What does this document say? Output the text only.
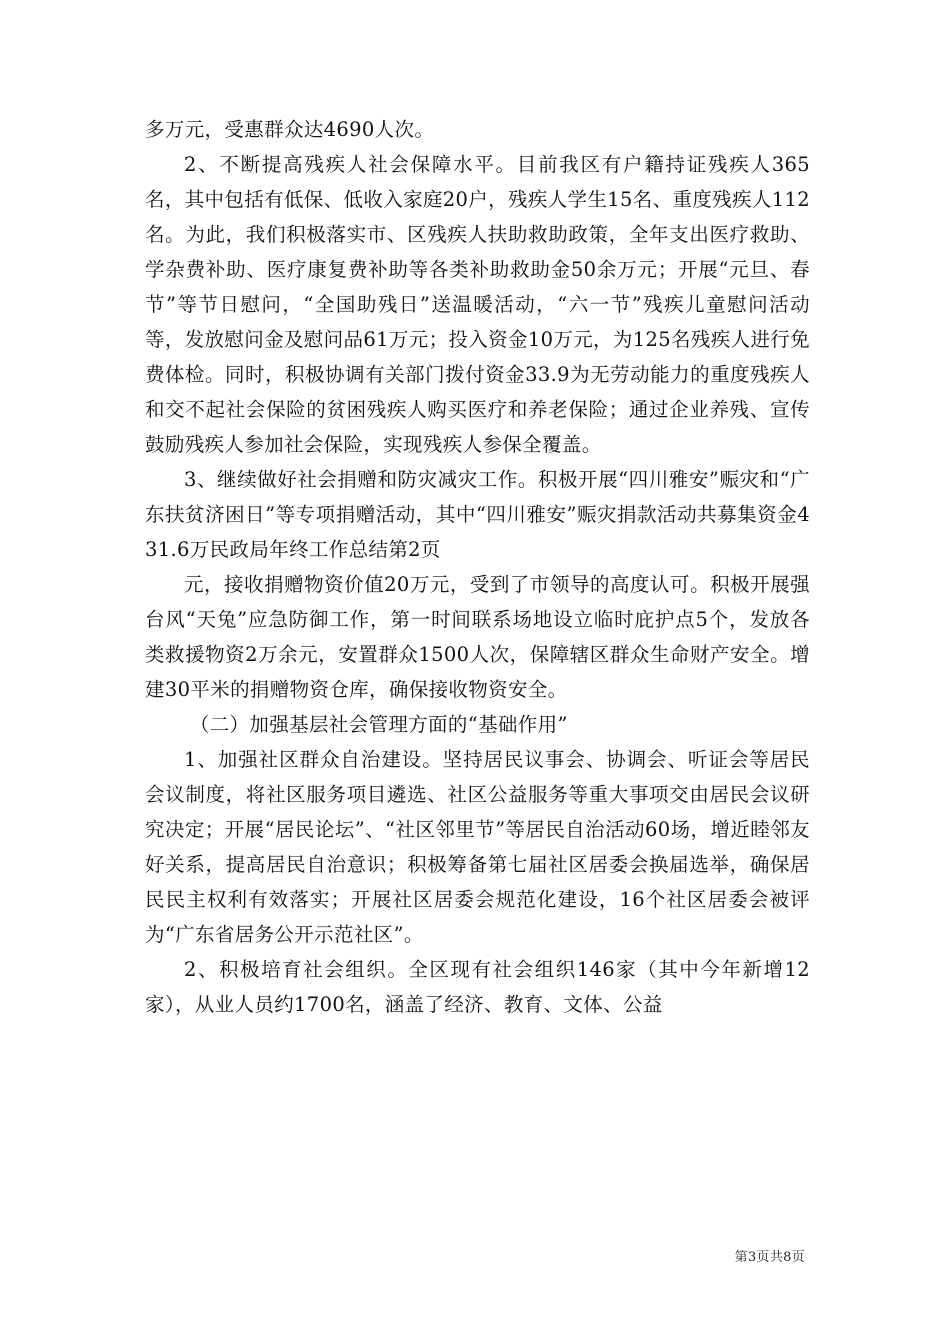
多万元，受惠群众达4690人次。

2、不断提高残疾人社会保障水平。目前我区有户籍持证残疾人365名，其中包括有低保、低收入家庭20户，残疾人学生15名、重度残疾人112名。为此，我们积极落实市、区残疾人扶助救助政策，全年支出医疗救助、学杂费补助、医疗康复费补助等各类补助救助金50余万元；开展“元旦、春节”等节日慰问，“全国助残日”送温暖活动，“六一节”残疾儿童慰问活动等，发放慰问金及慰问品61万元；投入资金10万元，为125名残疾人进行免费体检。同时，积极协调有关部门拨付资金33.9为无劳动能力的重度残疾人和交不起社会保险的贫困残疾人购买医疗和养老保险；通过企业养残、宣传鼓励残疾人参加社会保险，实现残疾人参保全覆盖。

3、继续做好社会捐赠和防灾减灾工作。积极开展“四川雅安”赈灾和“广东扶贫济困日”等专项捐赠活动，其中“四川雅安”赈灾捐款活动共募集资金431.6万民政局年终工作总结第2页

元，接收捐赠物资价值20万元，受到了市领导的高度认可。积极开展强台风“天兔”应急防御工作，第一时间联系场地设立临时庇护点5个，发放各类救援物资2万余元，安置群众1500人次，保障辖区群众生命财产安全。增建30平米的捐赠物资仓库，确保接收物资安全。

（二）加强基层社会管理方面的“基础作用”

1、加强社区群众自治建设。坚持居民议事会、协调会、听证会等居民会议制度，将社区服务项目遴选、社区公益服务等重大事项交由居民会议研究决定；开展“居民论坛”、“社区邻里节”等居民自治活动60场，增近睦邻友好关系，提高居民自治意识；积极筹备第七届社区居委会换届选举，确保居民民主权利有效落实；开展社区居委会规范化建设，16个社区居委会被评为“广东省居务公开示范社区”。

2、积极培育社会组织。全区现有社会组织146家（其中今年新增12家），从业人员约1700名，涵盖了经济、教育、文体、公益

第3页共8页
